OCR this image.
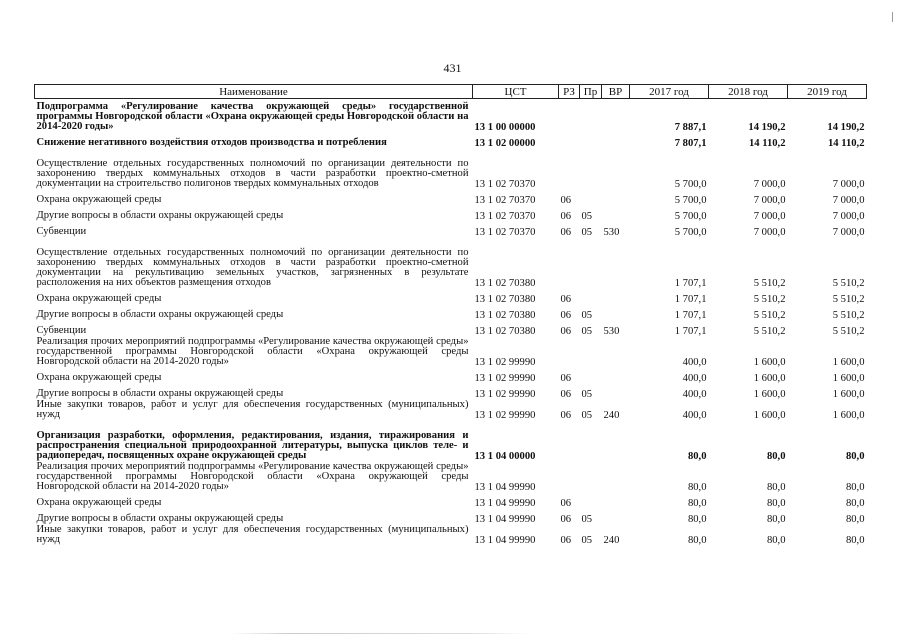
431
Наименование	ЦСТ	РЗ	Пр	ВР	2017 год	2018 год	2019 год
Подпрограмма «Регулирование качества окружающей среды» государственной программы Новгородской области «Охрана окружающей среды Новгородской области на 2014-2020 годы»	13 1 00 00000				7 887,1	14 190,2	14 190,2
Снижение негативного воздействия отходов производства и потребления	13 1 02 00000				7 807,1	14 110,2	14 110,2
Осуществление отдельных государственных полномочий по организации деятельности по захоронению твердых коммунальных отходов в части разработки проектно-сметной документации на строительство полигонов твердых коммунальных отходов	13 1 02 70370				5 700,0	7 000,0	7 000,0
Охрана окружающей среды	13 1 02 70370	06			5 700,0	7 000,0	7 000,0
Другие вопросы в области охраны окружающей среды	13 1 02 70370	06	05		5 700,0	7 000,0	7 000,0
Субвенции	13 1 02 70370	06	05	530	5 700,0	7 000,0	7 000,0
Осуществление отдельных государственных полномочий по организации деятельности по захоронению твердых коммунальных отходов в части разработки проектно-сметной документации на рекультивацию земельных участков, загрязненных в результате расположения на них объектов размещения отходов	13 1 02 70380				1 707,1	5 510,2	5 510,2
Охрана окружающей среды	13 1 02 70380	06			1 707,1	5 510,2	5 510,2
Другие вопросы в области охраны окружающей среды	13 1 02 70380	06	05		1 707,1	5 510,2	5 510,2
Субвенции	13 1 02 70380	06	05	530	1 707,1	5 510,2	5 510,2
Реализация прочих мероприятий подпрограммы «Регулирование качества окружающей среды» государственной программы Новгородской области «Охрана окружающей среды Новгородской области на 2014-2020 годы»	13 1 02 99990				400,0	1 600,0	1 600,0
Охрана окружающей среды	13 1 02 99990	06			400,0	1 600,0	1 600,0
Другие вопросы в области охраны окружающей среды	13 1 02 99990	06	05		400,0	1 600,0	1 600,0
Иные закупки товаров, работ и услуг для обеспечения государственных (муниципальных) нужд	13 1 02 99990	06	05	240	400,0	1 600,0	1 600,0
Организация разработки, оформления, редактирования, издания, тиражирования и распространения специальной природоохранной литературы, выпуска циклов теле- и радиопередач, посвященных охране окружающей среды	13 1 04 00000				80,0	80,0	80,0
Реализация прочих мероприятий подпрограммы «Регулирование качества окружающей среды» государственной программы Новгородской области «Охрана окружающей среды Новгородской области на 2014-2020 годы»	13 1 04 99990				80,0	80,0	80,0
Охрана окружающей среды	13 1 04 99990	06			80,0	80,0	80,0
Другие вопросы в области охраны окружающей среды	13 1 04 99990	06	05		80,0	80,0	80,0
Иные закупки товаров, работ и услуг для обеспечения государственных (муниципальных) нужд	13 1 04 99990	06	05	240	80,0	80,0	80,0
